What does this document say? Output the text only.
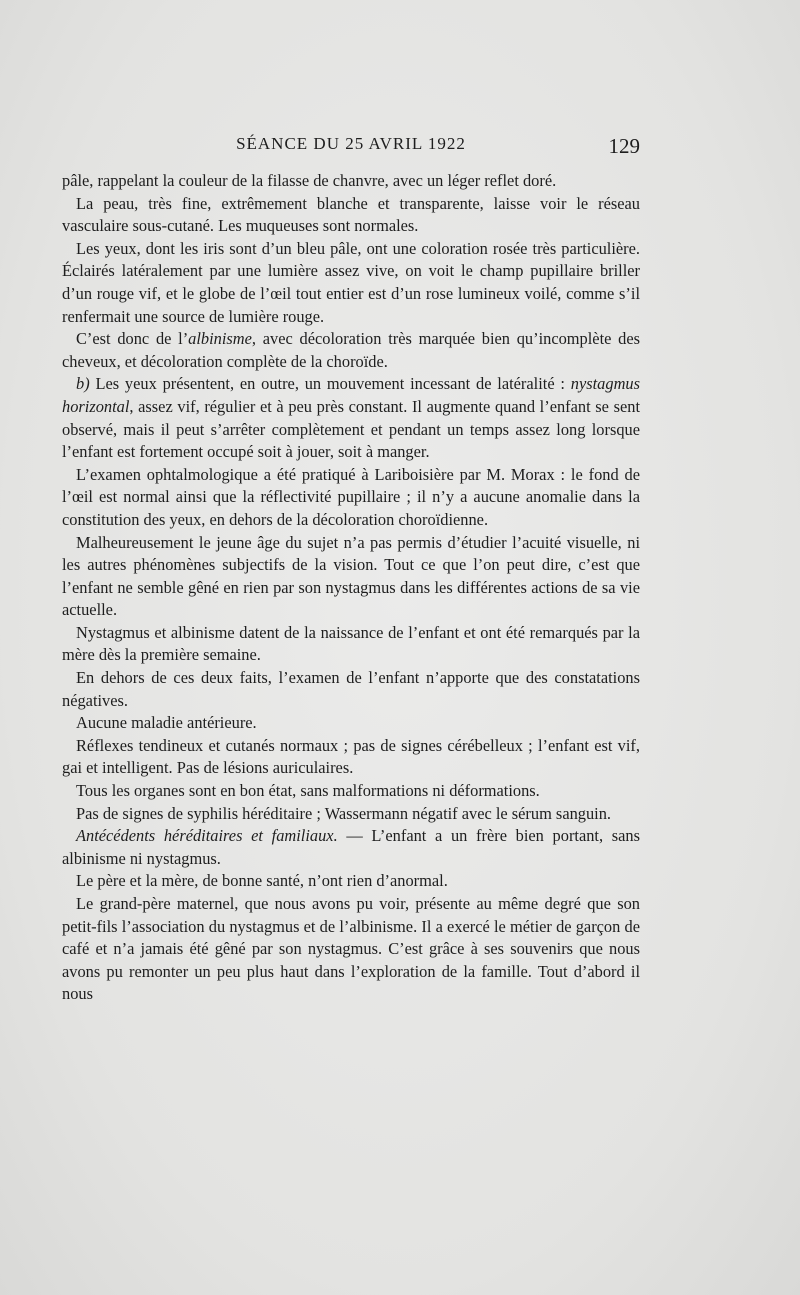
SÉANCE DU 25 AVRIL 1922	129

pâle, rappelant la couleur de la filasse de chanvre, avec un léger reflet doré.

La peau, très fine, extrêmement blanche et transparente, laisse voir le réseau vasculaire sous-cutané. Les muqueuses sont normales.

Les yeux, dont les iris sont d’un bleu pâle, ont une coloration rosée très particulière. Éclairés latéralement par une lumière assez vive, on voit le champ pupillaire briller d’un rouge vif, et le globe de l’œil tout entier est d’un rose lumineux voilé, comme s’il renfermait une source de lumière rouge.

C’est donc de l’albinisme, avec décoloration très marquée bien qu’incomplète des cheveux, et décoloration complète de la choroïde.

b) Les yeux présentent, en outre, un mouvement incessant de latéralité : nystagmus horizontal, assez vif, régulier et à peu près constant. Il augmente quand l’enfant se sent observé, mais il peut s’arrêter complètement et pendant un temps assez long lorsque l’enfant est fortement occupé soit à jouer, soit à manger.

L’examen ophtalmologique a été pratiqué à Lariboisière par M. Morax : le fond de l’œil est normal ainsi que la réflectivité pupillaire ; il n’y a aucune anomalie dans la constitution des yeux, en dehors de la décoloration choroïdienne.

Malheureusement le jeune âge du sujet n’a pas permis d’étudier l’acuité visuelle, ni les autres phénomènes subjectifs de la vision. Tout ce que l’on peut dire, c’est que l’enfant ne semble gêné en rien par son nystagmus dans les différentes actions de sa vie actuelle.

Nystagmus et albinisme datent de la naissance de l’enfant et ont été remarqués par la mère dès la première semaine.

En dehors de ces deux faits, l’examen de l’enfant n’apporte que des constatations négatives.

Aucune maladie antérieure.

Réflexes tendineux et cutanés normaux ; pas de signes cérébelleux ; l’enfant est vif, gai et intelligent. Pas de lésions auriculaires.

Tous les organes sont en bon état, sans malformations ni déformations.

Pas de signes de syphilis héréditaire ; Wassermann négatif avec le sérum sanguin.

Antécédents héréditaires et familiaux. — L’enfant a un frère bien portant, sans albinisme ni nystagmus.

Le père et la mère, de bonne santé, n’ont rien d’anormal.

Le grand-père maternel, que nous avons pu voir, présente au même degré que son petit-fils l’association du nystagmus et de l’albinisme. Il a exercé le métier de garçon de café et n’a jamais été gêné par son nystagmus. C’est grâce à ses souvenirs que nous avons pu remonter un peu plus haut dans l’exploration de la famille. Tout d’abord il nous
